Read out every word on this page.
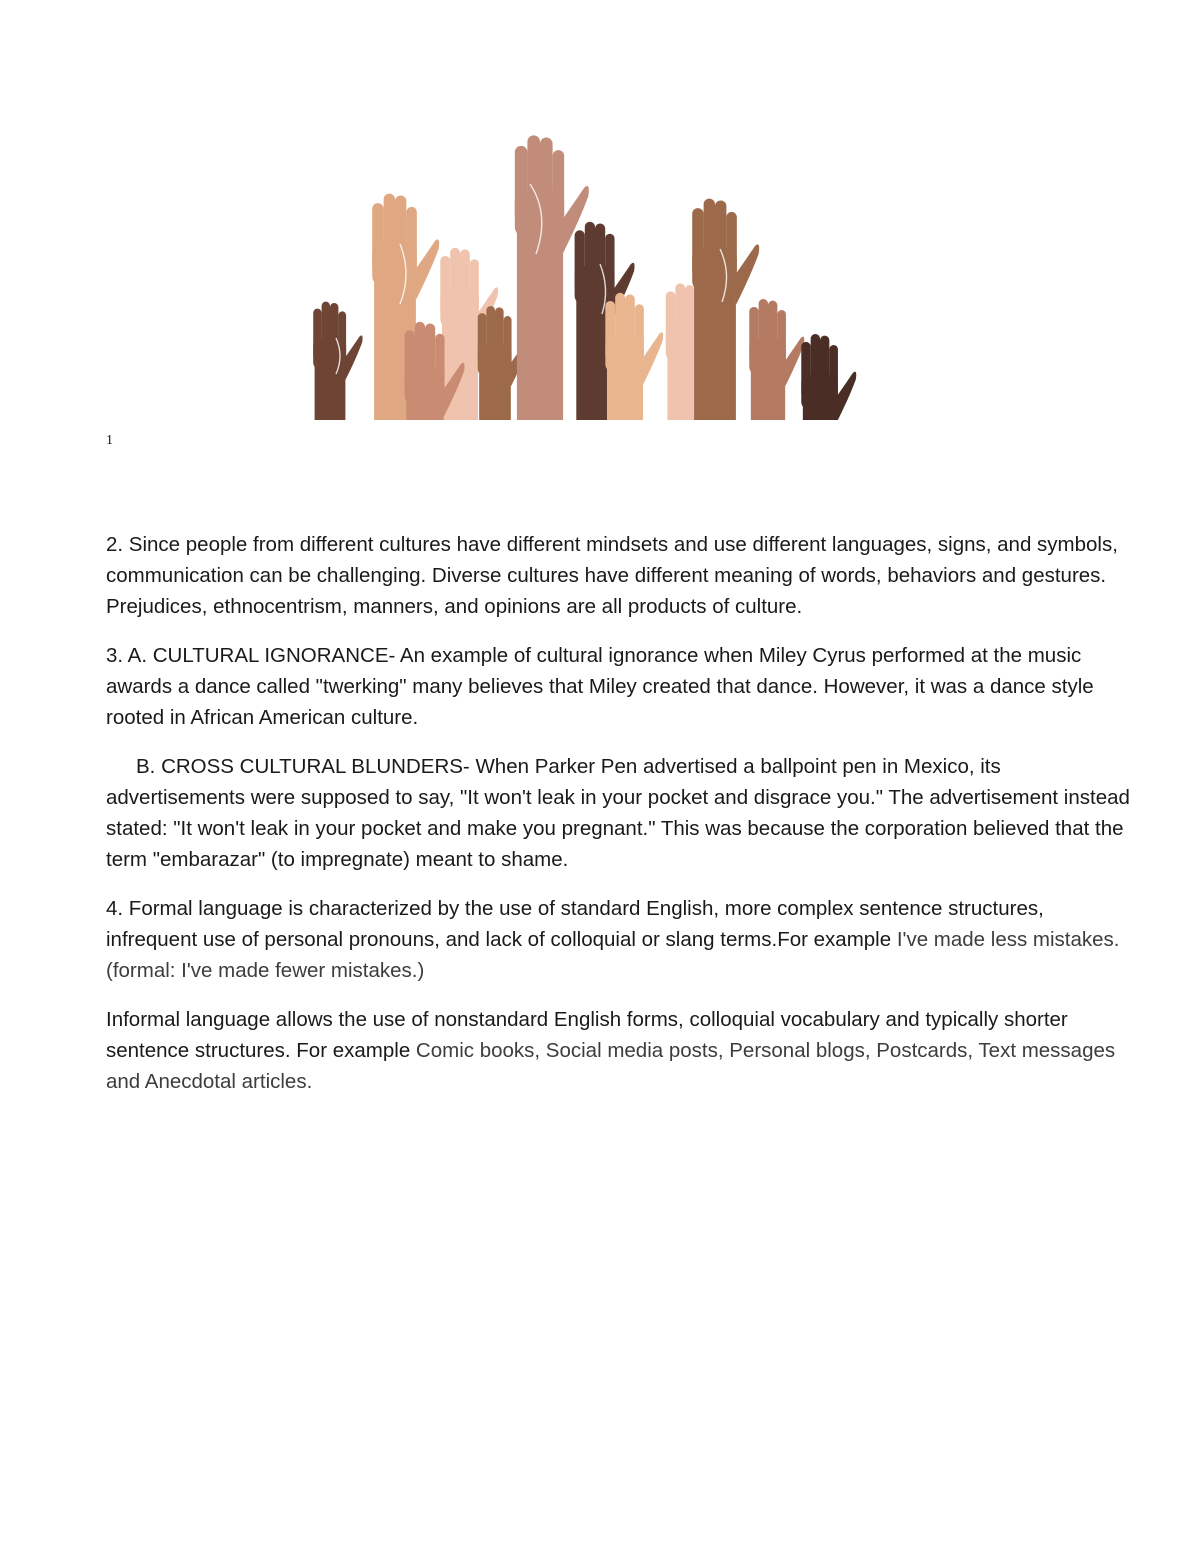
1

2. Since people from different cultures have different mindsets and use different languages, signs, and symbols, communication can be challenging. Diverse cultures have different meaning of words, behaviors and gestures. Prejudices, ethnocentrism, manners, and opinions are all products of culture.

3. A. CULTURAL IGNORANCE- An example of cultural ignorance when Miley Cyrus performed at the music awards a dance called "twerking" many believes that Miley created that dance. However, it was a dance style rooted in African American culture.

B. CROSS CULTURAL BLUNDERS- When Parker Pen advertised a ballpoint pen in Mexico, its advertisements were supposed to say, "It won't leak in your pocket and disgrace you." The advertisement instead stated: "It won't leak in your pocket and make you pregnant." This was because the corporation believed that the term "embarazar" (to impregnate) meant to shame.

4. Formal language is characterized by the use of standard English, more complex sentence structures, infrequent use of personal pronouns, and lack of colloquial or slang terms.For example I've made less mistakes. (formal: I've made fewer mistakes.)

Informal language allows the use of nonstandard English forms, colloquial vocabulary and typically shorter sentence structures. For example Comic books, Social media posts, Personal blogs, Postcards, Text messages and Anecdotal articles.
